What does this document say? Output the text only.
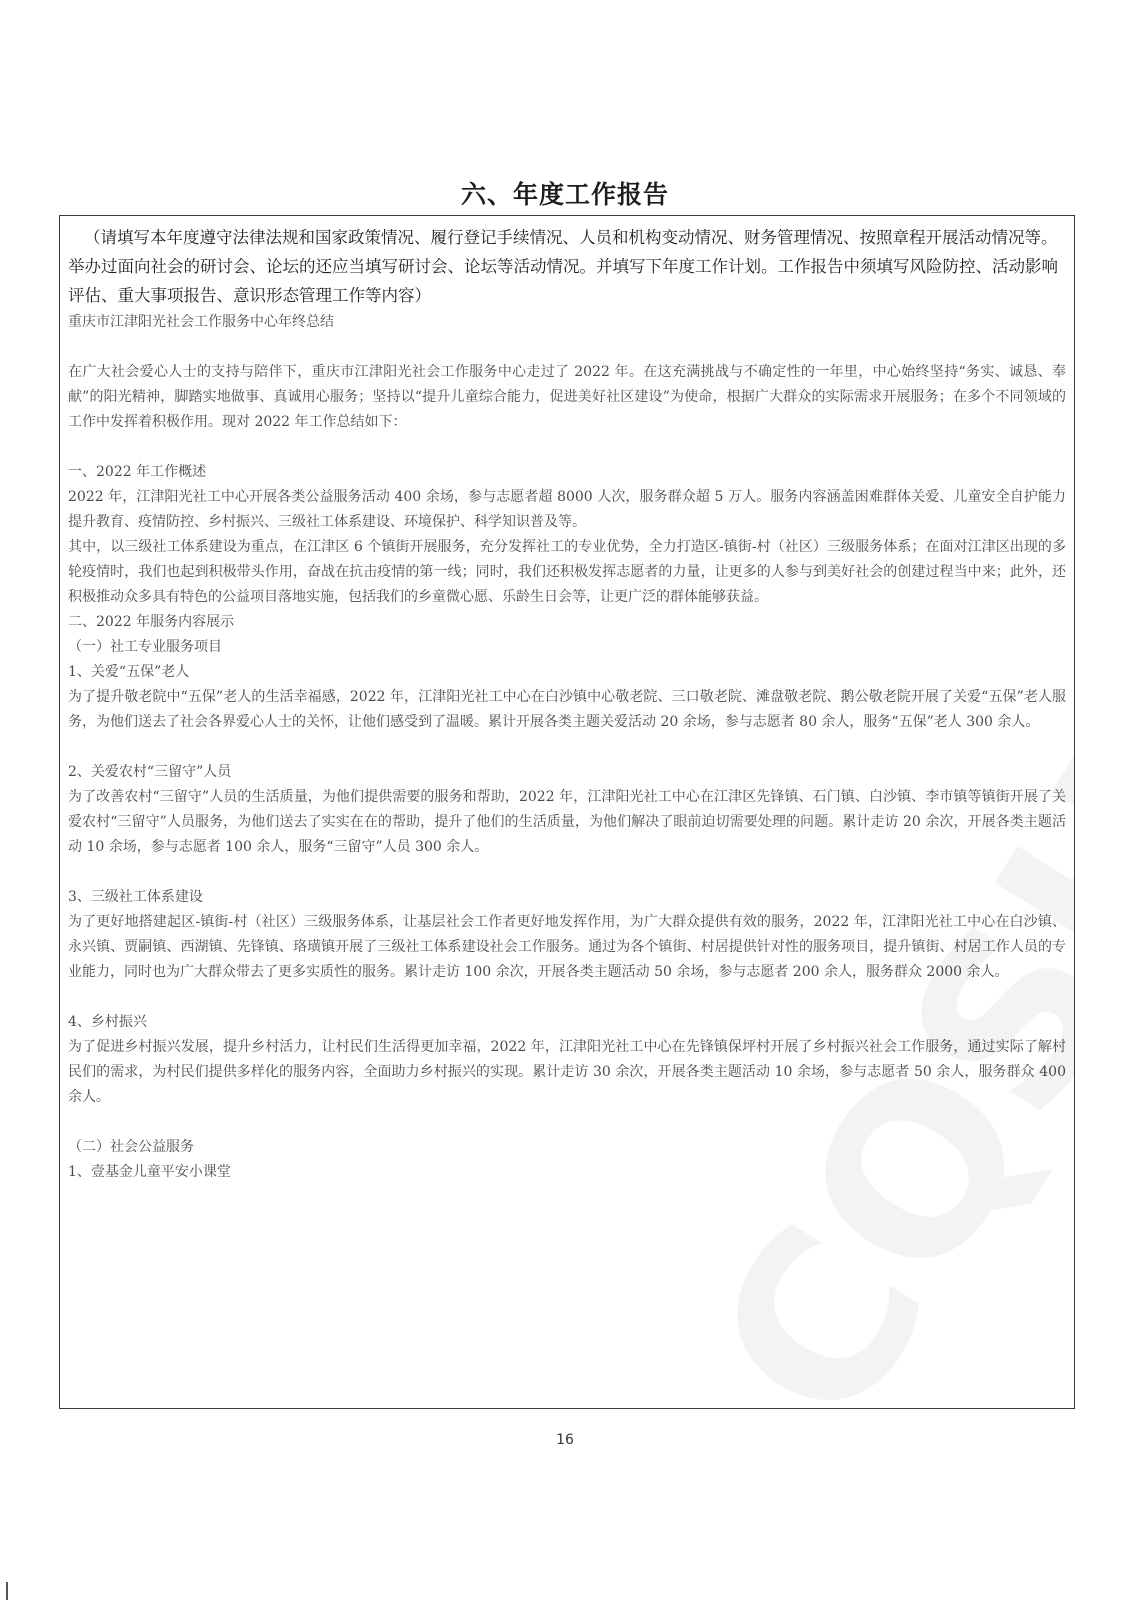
六、年度工作报告

（请填写本年度遵守法律法规和国家政策情况、履行登记手续情况、人员和机构变动情况、财务管理情况、按照章程开展活动情况等。举办过面向社会的研讨会、论坛的还应当填写研讨会、论坛等活动情况。并填写下年度工作计划。工作报告中须填写风险防控、活动影响评估、重大事项报告、意识形态管理工作等内容）

重庆市江津阳光社会工作服务中心年终总结

在广大社会爱心人士的支持与陪伴下，重庆市江津阳光社会工作服务中心走过了 2022 年。在这充满挑战与不确定性的一年里，中心始终坚持“务实、诚恳、奉献”的阳光精神，脚踏实地做事、真诚用心服务；坚持以“提升儿童综合能力，促进美好社区建设”为使命，根据广大群众的实际需求开展服务；在多个不同领域的工作中发挥着积极作用。现对 2022 年工作总结如下：

一、2022 年工作概述

2022 年，江津阳光社工中心开展各类公益服务活动 400 余场，参与志愿者超 8000 人次，服务群众超 5 万人。服务内容涵盖困难群体关爱、儿童安全自护能力提升教育、疫情防控、乡村振兴、三级社工体系建设、环境保护、科学知识普及等。

其中，以三级社工体系建设为重点，在江津区 6 个镇街开展服务，充分发挥社工的专业优势，全力打造区-镇街-村（社区）三级服务体系；在面对江津区出现的多轮疫情时，我们也起到积极带头作用，奋战在抗击疫情的第一线；同时，我们还积极发挥志愿者的力量，让更多的人参与到美好社会的创建过程当中来；此外，还积极推动众多具有特色的公益项目落地实施，包括我们的乡童微心愿、乐龄生日会等，让更广泛的群体能够获益。

二、2022 年服务内容展示

（一）社工专业服务项目

1、关爱“五保”老人

为了提升敬老院中“五保”老人的生活幸福感，2022 年，江津阳光社工中心在白沙镇中心敬老院、三口敬老院、滩盘敬老院、鹅公敬老院开展了关爱“五保”老人服务，为他们送去了社会各界爱心人士的关怀，让他们感受到了温暖。累计开展各类主题关爱活动 20 余场，参与志愿者 80 余人，服务“五保”老人 300 余人。

2、关爱农村“三留守”人员

为了改善农村“三留守”人员的生活质量，为他们提供需要的服务和帮助，2022 年，江津阳光社工中心在江津区先锋镇、石门镇、白沙镇、李市镇等镇街开展了关爱农村“三留守”人员服务，为他们送去了实实在在的帮助，提升了他们的生活质量，为他们解决了眼前迫切需要处理的问题。累计走访 20 余次，开展各类主题活动 10 余场，参与志愿者 100 余人，服务“三留守”人员 300 余人。

3、三级社工体系建设

为了更好地搭建起区-镇街-村（社区）三级服务体系，让基层社会工作者更好地发挥作用，为广大群众提供有效的服务，2022 年，江津阳光社工中心在白沙镇、永兴镇、贾嗣镇、西湖镇、先锋镇、珞璜镇开展了三级社工体系建设社会工作服务。通过为各个镇街、村居提供针对性的服务项目，提升镇街、村居工作人员的专业能力，同时也为广大群众带去了更多实质性的服务。累计走访 100 余次，开展各类主题活动 50 余场，参与志愿者 200 余人，服务群众 2000 余人。

4、乡村振兴

为了促进乡村振兴发展，提升乡村活力，让村民们生活得更加幸福，2022 年，江津阳光社工中心在先锋镇保坪村开展了乡村振兴社会工作服务，通过实际了解村民们的需求，为村民们提供多样化的服务内容，全面助力乡村振兴的实现。累计走访 30 余次，开展各类主题活动 10 余场，参与志愿者 50 余人，服务群众 400 余人。

（二）社会公益服务

1、壹基金儿童平安小课堂

16
